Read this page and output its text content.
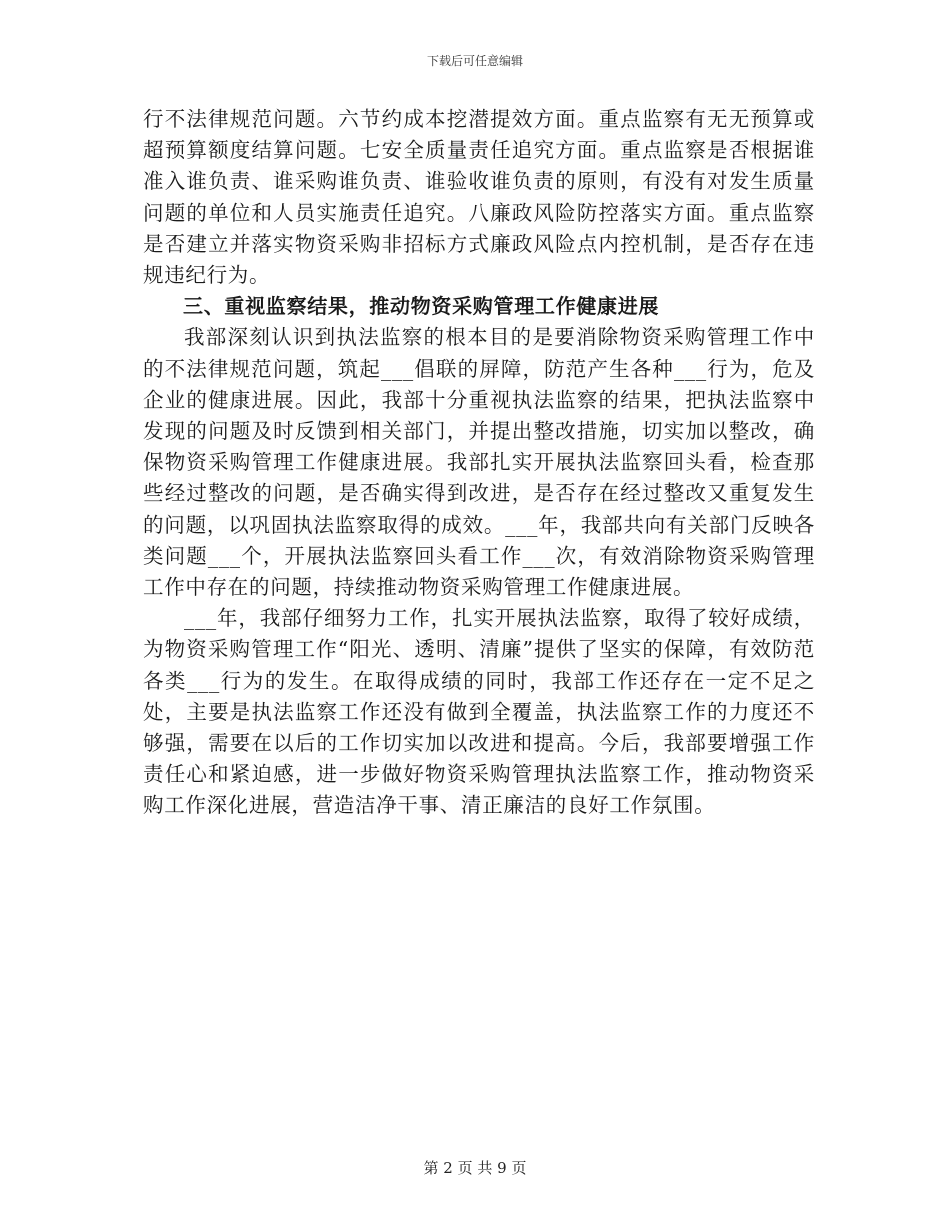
下载后可任意编辑

行不法律规范问题。六节约成本挖潜提效方面。重点监察有无无预算或超预算额度结算问题。七安全质量责任追究方面。重点监察是否根据谁准入谁负责、谁采购谁负责、谁验收谁负责的原则，有没有对发生质量问题的单位和人员实施责任追究。八廉政风险防控落实方面。重点监察是否建立并落实物资采购非招标方式廉政风险点内控机制，是否存在违规违纪行为。

三、重视监察结果，推动物资采购管理工作健康进展

我部深刻认识到执法监察的根本目的是要消除物资采购管理工作中的不法律规范问题，筑起___倡联的屏障，防范产生各种___行为，危及企业的健康进展。因此，我部十分重视执法监察的结果，把执法监察中发现的问题及时反馈到相关部门，并提出整改措施，切实加以整改，确保物资采购管理工作健康进展。我部扎实开展执法监察回头看，检查那些经过整改的问题，是否确实得到改进，是否存在经过整改又重复发生的问题，以巩固执法监察取得的成效。___年，我部共向有关部门反映各类问题___个，开展执法监察回头看工作___次，有效消除物资采购管理工作中存在的问题，持续推动物资采购管理工作健康进展。

___年，我部仔细努力工作，扎实开展执法监察，取得了较好成绩，为物资采购管理工作“阳光、透明、清廉”提供了坚实的保障，有效防范各类___行为的发生。在取得成绩的同时，我部工作还存在一定不足之处，主要是执法监察工作还没有做到全覆盖，执法监察工作的力度还不够强，需要在以后的工作切实加以改进和提高。今后，我部要增强工作责任心和紧迫感，进一步做好物资采购管理执法监察工作，推动物资采购工作深化进展，营造洁净干事、清正廉洁的良好工作氛围。

第 2 页 共 9 页
